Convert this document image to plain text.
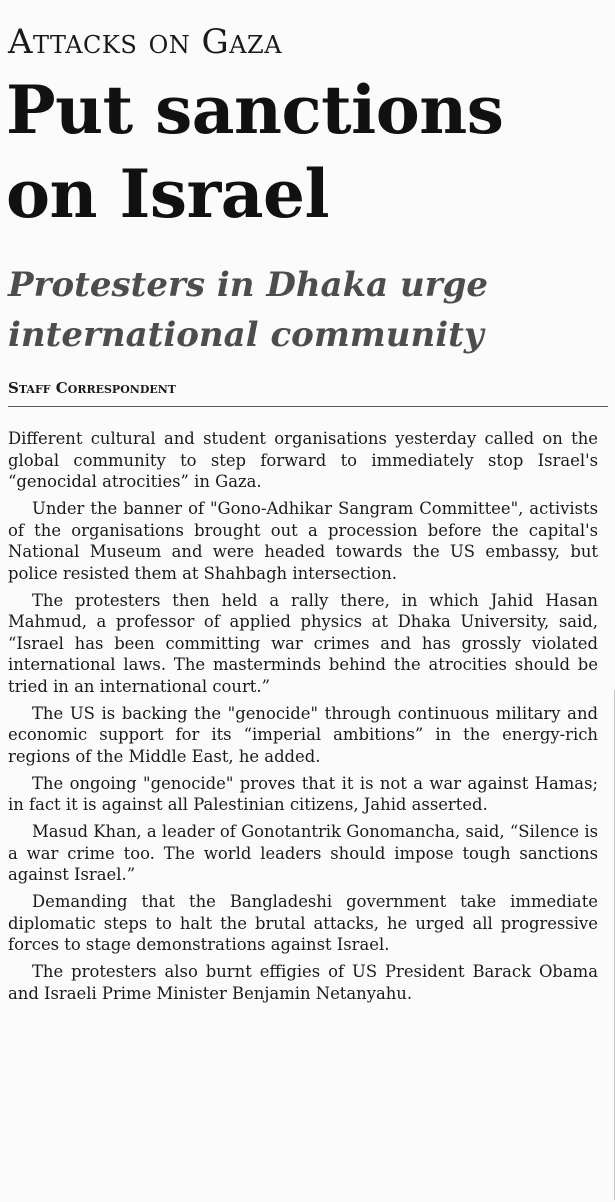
Attacks on Gaza
Put sanctions
on Israel
Protesters in Dhaka urge
international community
Staff Correspondent

Different cultural and student organisations yesterday called on the global community to step forward to immediately stop Israel's “genocidal atrocities” in Gaza.

Under the banner of "Gono-Adhikar Sangram Committee", activists of the organisations brought out a procession before the capital's National Museum and were headed towards the US embassy, but police resisted them at Shahbagh intersection.

The protesters then held a rally there, in which Jahid Hasan Mahmud, a professor of applied physics at Dhaka University, said, “Israel has been committing war crimes and has grossly violated international laws. The masterminds behind the atrocities should be tried in an international court.”

The US is backing the "genocide" through continuous military and economic support for its “imperial ambitions” in the energy-rich regions of the Middle East, he added.

The ongoing "genocide" proves that it is not a war against Hamas; in fact it is against all Palestinian citizens, Jahid asserted.

Masud Khan, a leader of Gonotantrik Gonomancha, said, “Silence is a war crime too. The world leaders should impose tough sanctions against Israel.”

Demanding that the Bangladeshi government take immediate diplomatic steps to halt the brutal attacks, he urged all progressive forces to stage demonstrations against Israel.

The protesters also burnt effigies of US President Barack Obama and Israeli Prime Minister Benjamin Netanyahu.
